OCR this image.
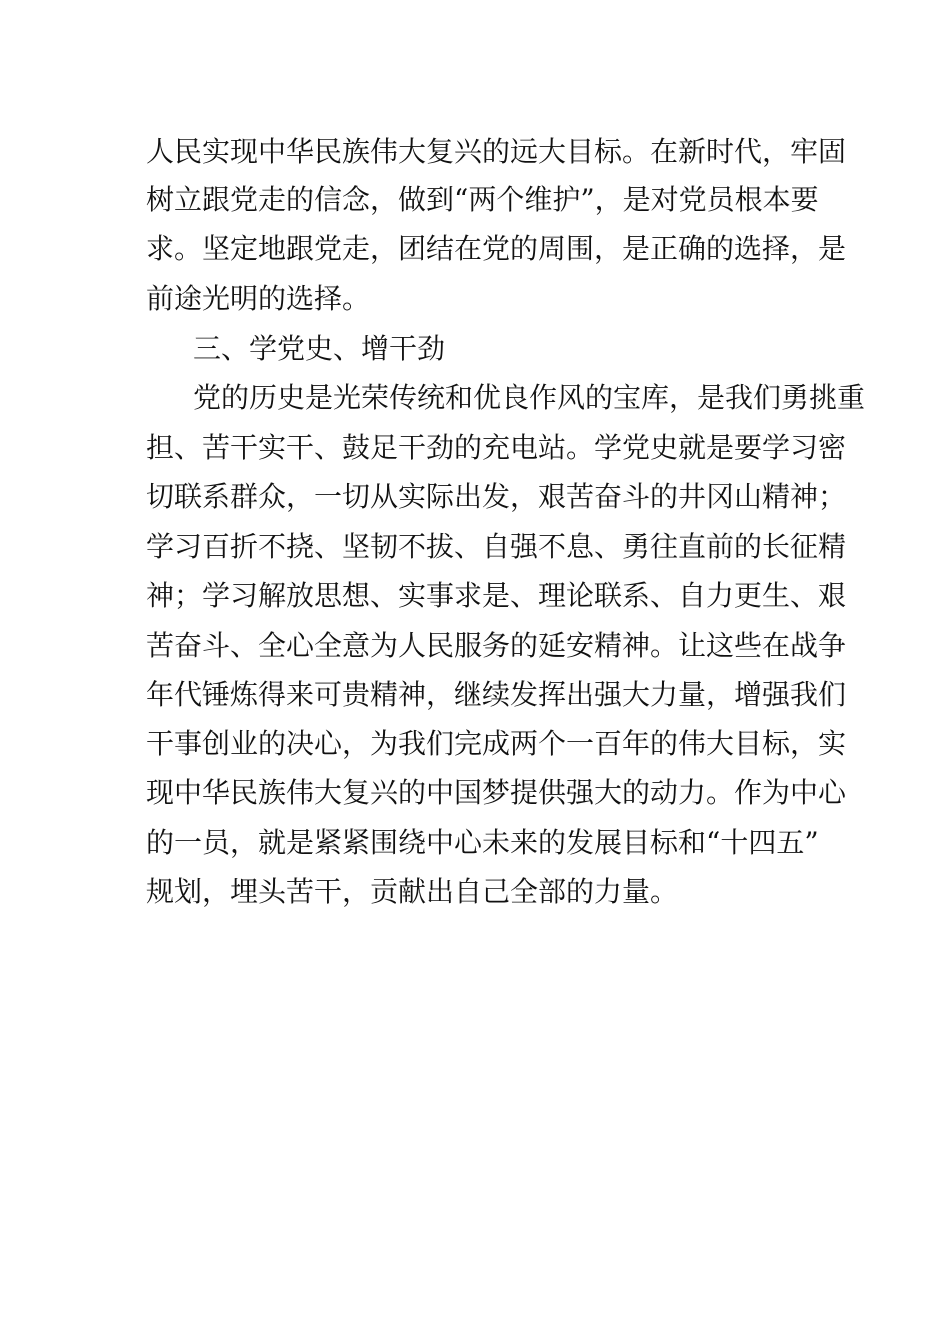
人民实现中华民族伟大复兴的远大目标。在新时代，牢固
树立跟党走的信念，做到“两个维护”，是对党员根本要
求。坚定地跟党走，团结在党的周围，是正确的选择，是
前途光明的选择。
三、学党史、增干劲
党的历史是光荣传统和优良作风的宝库，是我们勇挑重
担、苦干实干、鼓足干劲的充电站。学党史就是要学习密
切联系群众，一切从实际出发，艰苦奋斗的井冈山精神；
学习百折不挠、坚韧不拔、自强不息、勇往直前的长征精
神；学习解放思想、实事求是、理论联系、自力更生、艰
苦奋斗、全心全意为人民服务的延安精神。让这些在战争
年代锤炼得来可贵精神，继续发挥出强大力量，增强我们
干事创业的决心，为我们完成两个一百年的伟大目标，实
现中华民族伟大复兴的中国梦提供强大的动力。作为中心
的一员，就是紧紧围绕中心未来的发展目标和“十四五”
规划，埋头苦干，贡献出自己全部的力量。
